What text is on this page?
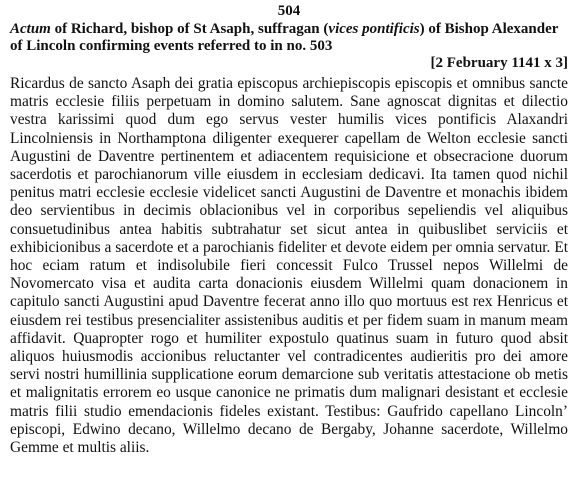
504

Actum of Richard, bishop of St Asaph, suffragan (vices pontificis) of Bishop Alexander of Lincoln confirming events referred to in no. 503

[2 February 1141 x 3]

Ricardus de sancto Asaph dei gratia episcopus archiepiscopis episcopis et omnibus sancte matris ecclesie filiis perpetuam in domino salutem. Sane agnoscat dignitas et dilectio vestra karissimi quod dum ego servus vester humilis vices pontificis Alaxandri Lincolniensis in Northamptona diligenter exequerer capellam de Welton ecclesie sancti Augustini de Daventre pertinentem et adiacentem requisicione et obsecracione duorum sacerdotis et parochianorum ville eiusdem in ecclesiam dedicavi. Ita tamen quod nichil penitus matri ecclesie ecclesie videlicet sancti Augustini de Daventre et monachis ibidem deo servientibus in decimis oblacionibus vel in corporibus sepeliendis vel aliquibus consuetudinibus antea habitis subtrahatur set sicut antea in quibuslibet serviciis et exhibicionibus a sacerdote et a parochianis fideliter et devote eidem per omnia servatur. Et hoc eciam ratum et indisolubile fieri concessit Fulco Trussel nepos Willelmi de Novomercato visa et audita carta donacionis eiusdem Willelmi quam donacionem in capitulo sancti Augustini apud Daventre fecerat anno illo quo mortuus est rex Henricus et eiusdem rei testibus presencialiter assistenibus auditis et per fidem suam in manum meam affidavit. Quapropter rogo et humiliter expostulo quatinus suam in futuro quod absit aliquos huiusmodis accionibus reluctanter vel contradicentes audieritis pro dei amore servi nostri humillinia supplicatione eorum demarcione sub veritatis attestacione ob metis et malignitatis errorem eo usque canonice ne primatis dum malignari desistant et ecclesie matris filii studio emendacionis fideles existant. Testibus: Gaufrido capellano Lincoln’ episcopi, Edwino decano, Willelmo decano de Bergaby, Johanne sacerdote, Willelmo Gemme et multis aliis.
